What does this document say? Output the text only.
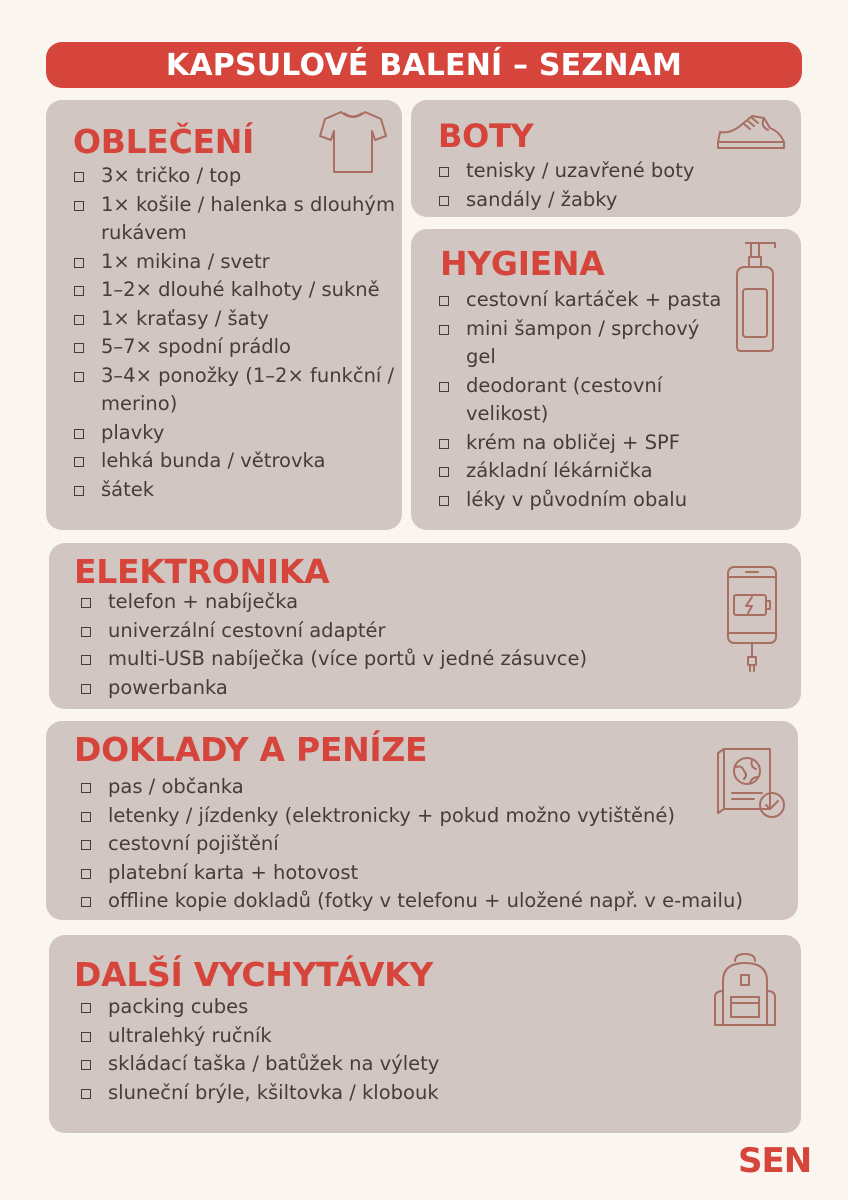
KAPSULOVÉ BALENÍ – SEZNAM
OBLEČENÍ
3× tričko / top
1× košile / halenka s dlouhým rukávem
1× mikina / svetr
1–2× dlouhé kalhoty / sukně
1× kraťasy / šaty
5–7× spodní prádlo
3–4× ponožky (1–2× funkční / merino)
plavky
lehká bunda / větrovka
šátek
BOTY
tenisky / uzavřené boty
sandály / žabky
HYGIENA
cestovní kartáček + pasta
mini šampon / sprchový gel
deodorant (cestovní velikost)
krém na obličej + SPF
základní lékárnička
léky v původním obalu
ELEKTRONIKA
telefon + nabíječka
univerzální cestovní adaptér
multi-USB nabíječka (více portů v jedné zásuvce)
powerbanka
DOKLADY A PENÍZE
pas / občanka
letenky / jízdenky (elektronicky + pokud možno vytištěné)
cestovní pojištění
platební karta + hotovost
offline kopie dokladů (fotky v telefonu + uložené např. v e-mailu)
DALŠÍ VYCHYTÁVKY
packing cubes
ultralehký ručník
skládací taška / batůžek na výlety
sluneční brýle, kšiltovka / klobouk
SEN
